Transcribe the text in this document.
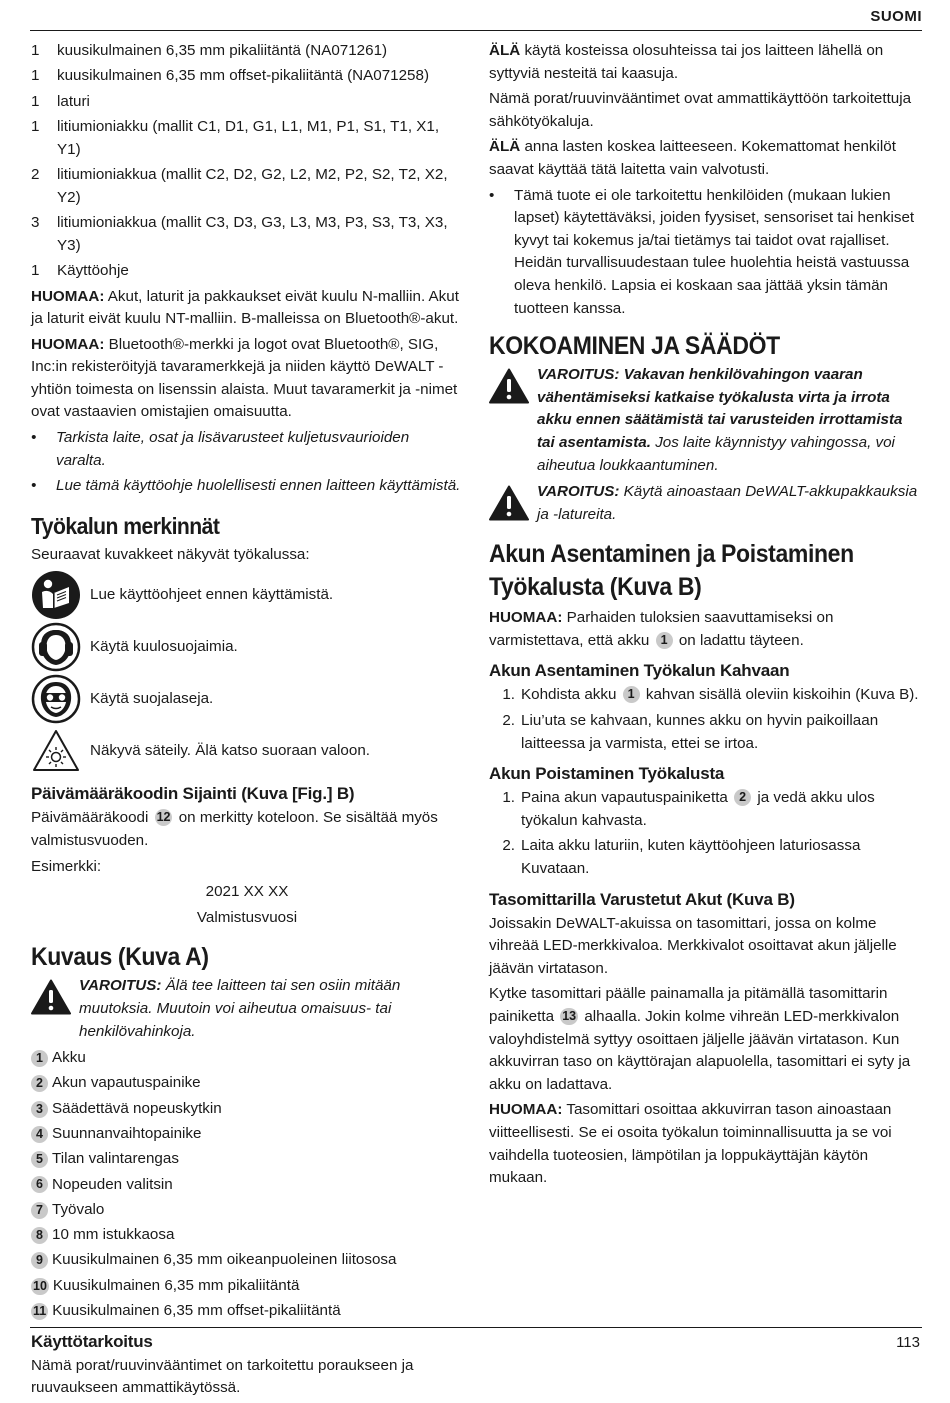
SUOMI
1	kuusikulmainen 6,35 mm pikaliitäntä (NA071261)
1	kuusikulmainen 6,35 mm offset-pikaliitäntä (NA071258)
1	laturi
1	litiumioniakku (mallit C1, D1, G1, L1, M1, P1, S1, T1, X1, Y1)
2	litiumioniakkua (mallit C2, D2, G2, L2, M2, P2, S2, T2, X2, Y2)
3	litiumioniakkua (mallit C3, D3, G3, L3, M3, P3, S3, T3, X3, Y3)
1	Käyttöohje

HUOMAA: Akut, laturit ja pakkaukset eivät kuulu N-malliin. Akut ja laturit eivät kuulu NT-malliin. B-malleissa on Bluetooth®-akut.

HUOMAA: Bluetooth®-merkki ja logot ovat Bluetooth®, SIG, Inc:in rekisteröityjä tavaramerkkejä ja niiden käyttö DeWALT -yhtiön toimesta on lisenssin alaista. Muut tavaramerkit ja -nimet ovat vastaavien omistajien omaisuutta.

•	Tarkista laite, osat ja lisävarusteet kuljetusvaurioiden varalta.
•	Lue tämä käyttöohje huolellisesti ennen laitteen käyttämistä.
Työkalun merkinnät

Seuraavat kuvakkeet näkyvät työkalussa:

Lue käyttöohjeet ennen käyttämistä.
Käytä kuulosuojaimia.
Käytä suojalaseja.
Näkyvä säteily. Älä katso suoraan valoon.
Päivämääräkoodin Sijainti (Kuva [Fig.] B)

Päivämääräkoodi 12 on merkitty koteloon. Se sisältää myös valmistusvuoden.

Esimerkki:

2021 XX XX

Valmistusvuosi

Kuvaus (Kuva A)
VAROITUS: Älä tee laitteen tai sen osiin mitään muutoksia. Muutoin voi aiheutua omaisuus- tai henkilövahinkoja.
1 Akku
2 Akun vapautuspainike
3 Säädettävä nopeuskytkin
4 Suunnanvaihtopainike
5 Tilan valintarengas
6 Nopeuden valitsin
7 Työvalo
8 10 mm istukkaosa
9 Kuusikulmainen 6,35 mm oikeanpuoleinen liitososa
10 Kuusikulmainen 6,35 mm pikaliitäntä
11 Kuusikulmainen 6,35 mm offset-pikaliitäntä
Käyttötarkoitus

Nämä porat/ruuvinvääntimet on tarkoitettu poraukseen ja ruuvaukseen ammattikäytössä.

ÄLÄ käytä kosteissa olosuhteissa tai jos laitteen lähellä on syttyviä nesteitä tai kaasuja.

Nämä porat/ruuvinvääntimet ovat ammattikäyttöön tarkoitettuja sähkötyökaluja.

ÄLÄ anna lasten koskea laitteeseen. Kokemattomat henkilöt saavat käyttää tätä laitetta vain valvotusti.

•	Tämä tuote ei ole tarkoitettu henkilöiden (mukaan lukien lapset) käytettäväksi, joiden fyysiset, sensoriset tai henkiset kyvyt tai kokemus ja/tai tietämys tai taidot ovat rajalliset. Heidän turvallisuudestaan tulee huolehtia heistä vastuussa oleva henkilö. Lapsia ei koskaan saa jättää yksin tämän tuotteen kanssa.
KOKOAMINEN JA SÄÄDÖT
VAROITUS: Vakavan henkilövahingon vaaran vähentämiseksi katkaise työkalusta virta ja irrota akku ennen säätämistä tai varusteiden irrottamista tai asentamista. Jos laite käynnistyy vahingossa, voi aiheutua loukkaantuminen.
VAROITUS: Käytä ainoastaan DeWALT-akkupakkauksia ja -latureita.
Akun Asentaminen ja Poistaminen
Työkalusta (Kuva B)

HUOMAA: Parhaiden tuloksien saavuttamiseksi on varmistettava, että akku 1 on ladattu täyteen.

Akun Asentaminen Työkalun Kahvaan
1. Kohdista akku 1 kahvan sisällä oleviin kiskoihin (Kuva B).
2. Liu’uta se kahvaan, kunnes akku on hyvin paikoillaan laitteessa ja varmista, ettei se irtoa.
Akun Poistaminen Työkalusta
1. Paina akun vapautuspainiketta 2 ja vedä akku ulos työkalun kahvasta.
2. Laita akku laturiin, kuten käyttöohjeen laturiosassa Kuvataan.
Tasomittarilla Varustetut Akut (Kuva B)

Joissakin DeWALT-akuissa on tasomittari, jossa on kolme vihreää LED-merkkivaloa. Merkkivalot osoittavat akun jäljelle jäävän virtatason.

Kytke tasomittari päälle painamalla ja pitämällä tasomittarin painiketta 13 alhaalla. Jokin kolme vihreän LED-merkkivalon valoyhdistelmä syttyy osoittaen jäljelle jäävän virtatason. Kun akkuvirran taso on käyttörajan alapuolella, tasomittari ei syty ja akku on ladattava.

HUOMAA: Tasomittari osoittaa akkuvirran tason ainoastaan viitteellisesti. Se ei osoita työkalun toiminnallisuutta ja se voi vaihdella tuoteosien, lämpötilan ja loppukäyttäjän käytön mukaan.

113
